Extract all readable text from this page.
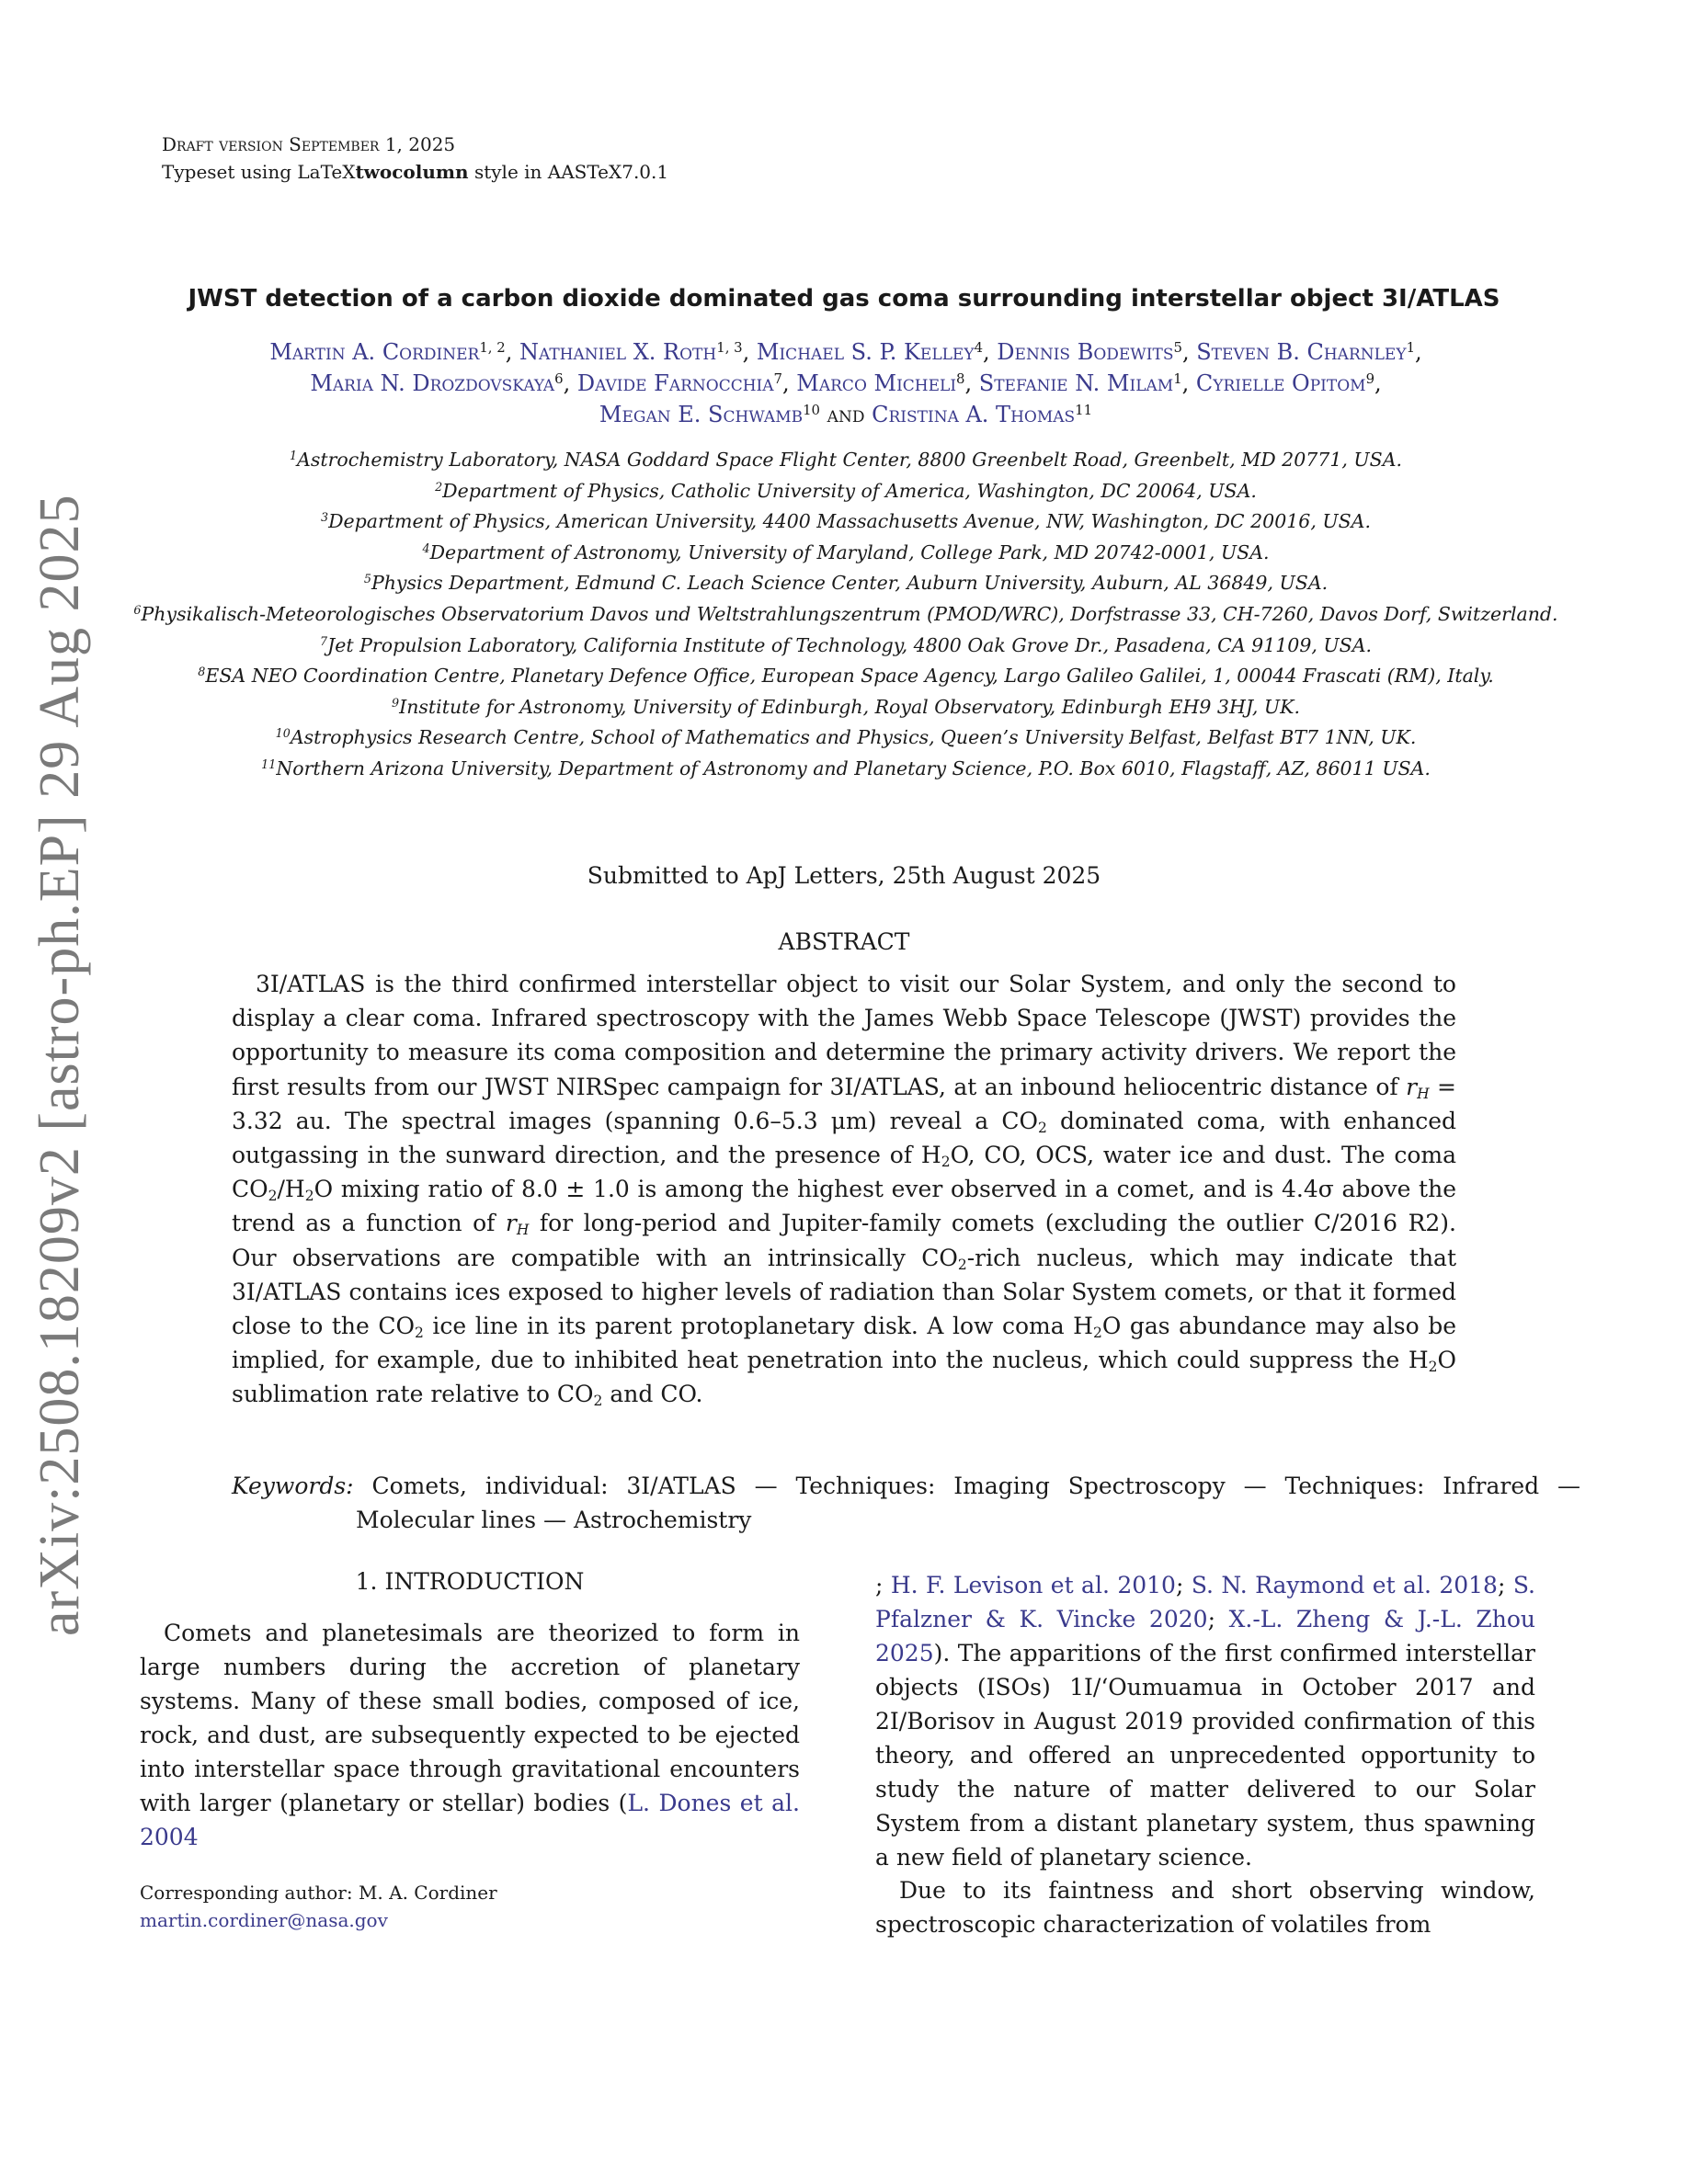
arXiv:2508.18209v2 [astro-ph.EP] 29 Aug 2025
Draft version September 1, 2025
Typeset using LaTeXtwocolumn style in AASTeX7.0.1
JWST detection of a carbon dioxide dominated gas coma surrounding interstellar object 3I/ATLAS
Martin A. Cordiner$^{1, 2}$, Nathaniel X. Roth$^{1, 3}$, Michael S. P. Kelley$^4$, Dennis Bodewits$^5$, Steven B. Charnley$^1$,
Maria N. Drozdovskaya$^6$, Davide Farnocchia$^7$, Marco Micheli$^8$, Stefanie N. Milam$^1$, Cyrielle Opitom$^9$,
Megan E. Schwamb$^{10}$ and Cristina A. Thomas$^{11}$
$^1$Astrochemistry Laboratory, NASA Goddard Space Flight Center, 8800 Greenbelt Road, Greenbelt, MD 20771, USA.
$^2$Department of Physics, Catholic University of America, Washington, DC 20064, USA.
$^3$Department of Physics, American University, 4400 Massachusetts Avenue, NW, Washington, DC 20016, USA.
$^4$Department of Astronomy, University of Maryland, College Park, MD 20742-0001, USA.
$^5$Physics Department, Edmund C. Leach Science Center, Auburn University, Auburn, AL 36849, USA.
$^6$Physikalisch-Meteorologisches Observatorium Davos und Weltstrahlungszentrum (PMOD/WRC), Dorfstrasse 33, CH-7260, Davos Dorf, Switzerland.
$^7$Jet Propulsion Laboratory, California Institute of Technology, 4800 Oak Grove Dr., Pasadena, CA 91109, USA.
$^8$ESA NEO Coordination Centre, Planetary Defence Office, European Space Agency, Largo Galileo Galilei, 1, 00044 Frascati (RM), Italy.
$^9$Institute for Astronomy, University of Edinburgh, Royal Observatory, Edinburgh EH9 3HJ, UK.
$^{10}$Astrophysics Research Centre, School of Mathematics and Physics, Queen’s University Belfast, Belfast BT7 1NN, UK.
$^{11}$Northern Arizona University, Department of Astronomy and Planetary Science, P.O. Box 6010, Flagstaff, AZ, 86011 USA.
Submitted to ApJ Letters, 25th August 2025
ABSTRACT

3I/ATLAS is the third confirmed interstellar object to visit our Solar System, and only the second to display a clear coma. Infrared spectroscopy with the James Webb Space Telescope (JWST) provides the opportunity to measure its coma composition and determine the primary activity drivers. We report the first results from our JWST NIRSpec campaign for 3I/ATLAS, at an inbound heliocentric distance of $r_H = 3.32$ au. The spectral images (spanning 0.6–5.3 μm) reveal a $CO_2$ dominated coma, with enhanced outgassing in the sunward direction, and the presence of $H_2O$, CO, OCS, water ice and dust. The coma $CO_2/H_2O$ mixing ratio of 8.0 ± 1.0 is among the highest ever observed in a comet, and is 4.4σ above the trend as a function of $r_H$ for long-period and Jupiter-family comets (excluding the outlier C/2016 R2). Our observations are compatible with an intrinsically $CO_2$-rich nucleus, which may indicate that 3I/ATLAS contains ices exposed to higher levels of radiation than Solar System comets, or that it formed close to the $CO_2$ ice line in its parent protoplanetary disk. A low coma $H_2O$ gas abundance may also be implied, for example, due to inhibited heat penetration into the nucleus, which could suppress the $H_2O$ sublimation rate relative to $CO_2$ and CO.

Keywords: Comets, individual: 3I/ATLAS — Techniques: Imaging Spectroscopy — Techniques: Infrared — Molecular lines — Astrochemistry

1. INTRODUCTION

Comets and planetesimals are theorized to form in large numbers during the accretion of planetary systems. Many of these small bodies, composed of ice, rock, and dust, are subsequently expected to be ejected into interstellar space through gravitational encounters with larger (planetary or stellar) bodies (L. Dones et al. 2004

; H. F. Levison et al. 2010; S. N. Raymond et al. 2018; S. Pfalzner & K. Vincke 2020; X.-L. Zheng & J.-L. Zhou 2025). The apparitions of the first confirmed interstellar objects (ISOs) 1I/‘Oumuamua in October 2017 and 2I/Borisov in August 2019 provided confirmation of this theory, and offered an unprecedented opportunity to study the nature of matter delivered to our Solar System from a distant planetary system, thus spawning a new field of planetary science.

Due to its faintness and short observing window, spectroscopic characterization of volatiles from

Corresponding author: M. A. Cordiner
martin.cordiner@nasa.gov
